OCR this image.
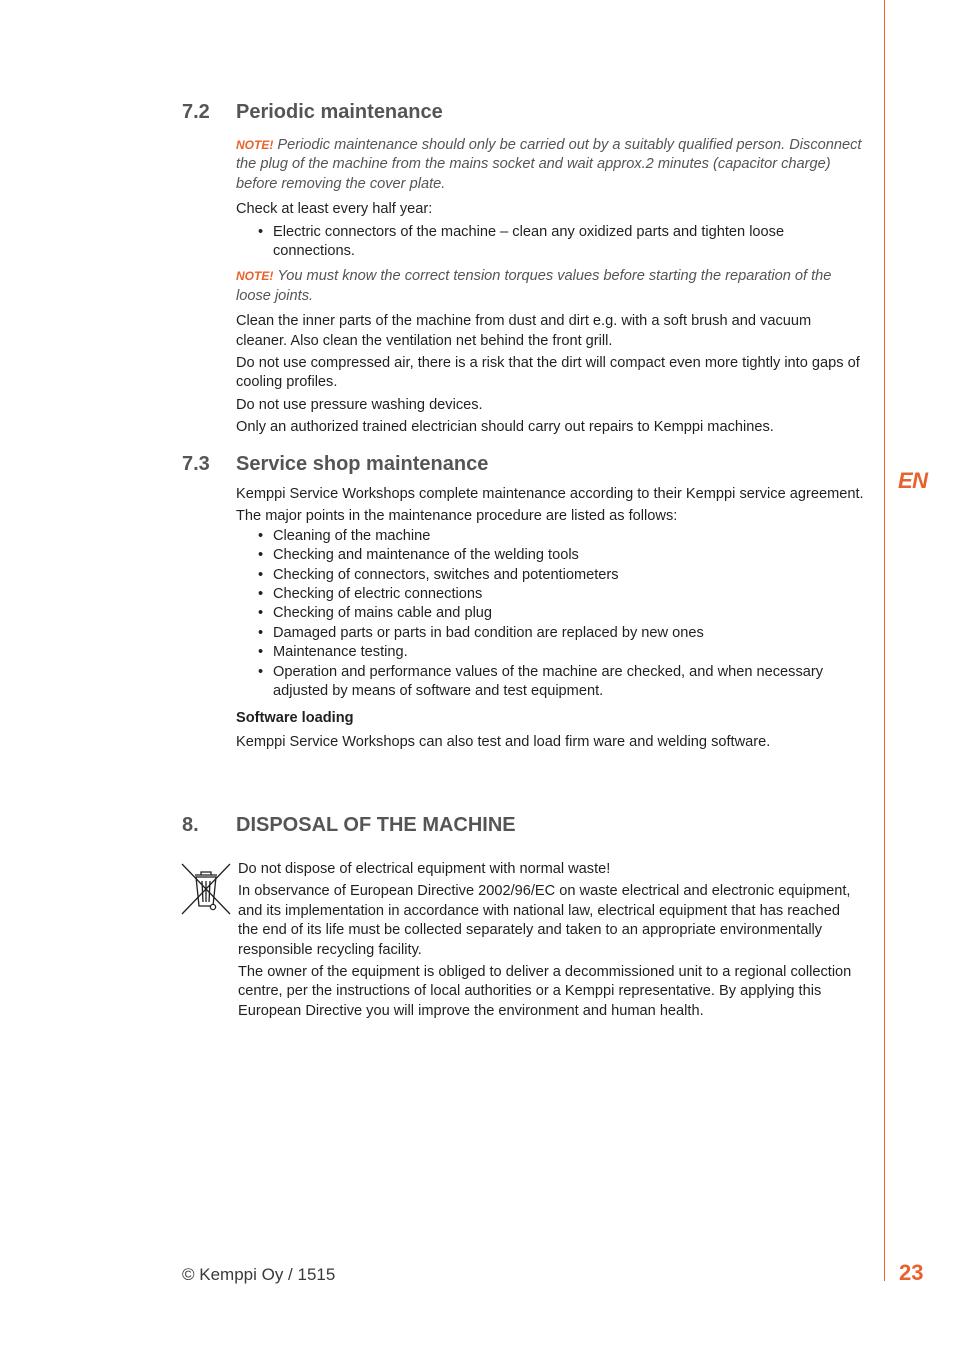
EN
23
7.2 Periodic maintenance

NOTE! Periodic maintenance should only be carried out by a suitably qualified person. Disconnect the plug of the machine from the mains socket and wait approx.2 minutes (capacitor charge) before removing the cover plate.

Check at least every half year:

• Electric connectors of the machine – clean any oxidized parts and tighten loose connections.

NOTE! You must know the correct tension torques values before starting the reparation of the loose joints.

Clean the inner parts of the machine from dust and dirt e.g. with a soft brush and vacuum cleaner. Also clean the ventilation net behind the front grill.

Do not use compressed air, there is a risk that the dirt will compact even more tightly into gaps of cooling profiles.

Do not use pressure washing devices.

Only an authorized trained electrician should carry out repairs to Kemppi machines.

7.3 Service shop maintenance

Kemppi Service Workshops complete maintenance according to their Kemppi service agreement.

The major points in the maintenance procedure are listed as follows:

• Cleaning of the machine
• Checking and maintenance of the welding tools
• Checking of connectors, switches and potentiometers
• Checking of electric connections
• Checking of mains cable and plug
• Damaged parts or parts in bad condition are replaced by new ones
• Maintenance testing.
• Operation and performance values of the machine are checked, and when necessary adjusted by means of software and test equipment.

Software loading

Kemppi Service Workshops can also test and load firm ware and welding software.

8. DISPOSAL OF THE MACHINE

Do not dispose of electrical equipment with normal waste!

In observance of European Directive 2002/96/EC on waste electrical and electronic equipment, and its implementation in accordance with national law, electrical equipment that has reached the end of its life must be collected separately and taken to an appropriate environmentally responsible recycling facility.

The owner of the equipment is obliged to deliver a decommissioned unit to a regional collection centre, per the instructions of local authorities or a Kemppi representative. By applying this European Directive you will improve the environment and human health.

© Kemppi Oy / 1515
